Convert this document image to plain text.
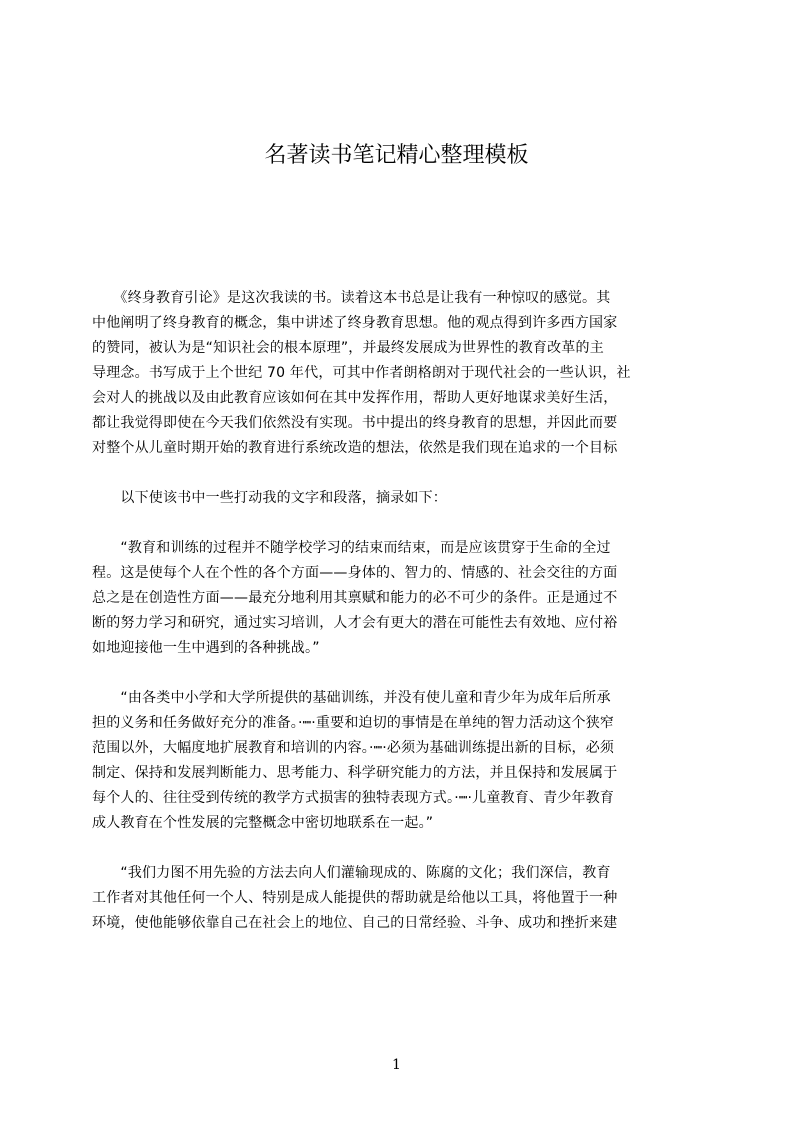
名著读书笔记精心整理模板
　　《终身教育引论》是这次我读的书。读着这本书总是让我有一种惊叹的感觉。其
中他阐明了终身教育的概念，集中讲述了终身教育思想。他的观点得到许多西方国家
的赞同，被认为是“知识社会的根本原理”，并最终发展成为世界性的教育改革的主
导理念。书写成于上个世纪 70 年代，可其中作者朗格朗对于现代社会的一些认识，社
会对人的挑战以及由此教育应该如何在其中发挥作用，帮助人更好地谋求美好生活，
都让我觉得即使在今天我们依然没有实现。书中提出的终身教育的思想，并因此而要
对整个从儿童时期开始的教育进行系统改造的想法，依然是我们现在追求的一个目标
　　以下使该书中一些打动我的文字和段落，摘录如下：
　　“教育和训练的过程并不随学校学习的结束而结束，而是应该贯穿于生命的全过
程。这是使每个人在个性的各个方面——身体的、智力的、情感的、社会交往的方面
总之是在创造性方面——最充分地利用其禀赋和能力的必不可少的条件。正是通过不
断的努力学习和研究，通过实习培训，人才会有更大的潜在可能性去有效地、应付裕
如地迎接他一生中遇到的各种挑战。”
　　“由各类中小学和大学所提供的基础训练，并没有使儿童和青少年为成年后所承
担的义务和任务做好充分的准备。·┉·重要和迫切的事情是在单纯的智力活动这个狭窄
范围以外，大幅度地扩展教育和培训的内容。·┉·必须为基础训练提出新的目标，必须
制定、保持和发展判断能力、思考能力、科学研究能力的方法，并且保持和发展属于
每个人的、往往受到传统的教学方式损害的独特表现方式。·┉·儿童教育、青少年教育
成人教育在个性发展的完整概念中密切地联系在一起。”
　　“我们力图不用先验的方法去向人们灌输现成的、陈腐的文化；我们深信，教育
工作者对其他任何一个人、特别是成人能提供的帮助就是给他以工具，将他置于一种
环境，使他能够依靠自己在社会上的地位、自己的日常经验、斗争、成功和挫折来建
1
